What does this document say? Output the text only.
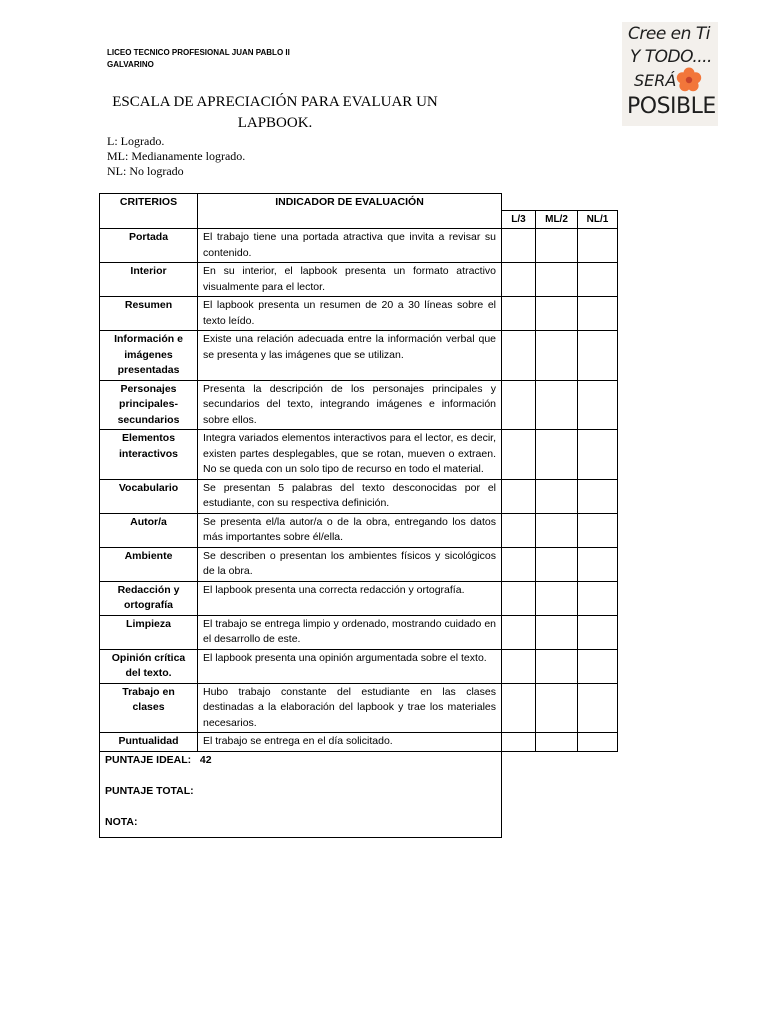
LICEO TECNICO PROFESIONAL JUAN PABLO II
GALVARINO
Cree en Ti
Y TODO....
SERÁ
POSIBLE
ESCALA DE APRECIACIÓN PARA EVALUAR UN
LAPBOOK.
L: Logrado.
ML: Medianamente logrado.
NL: No logrado
CRITERIOS	INDICADOR DE EVALUACIÓN			
		L/3	ML/2	NL/1
Portada	El trabajo tiene una portada atractiva que invita a revisar su contenido.			
Interior	En su interior, el lapbook presenta un formato atractivo visualmente para el lector.			
Resumen	El lapbook presenta un resumen de 20 a 30 líneas sobre el texto leído.			
Información e imágenes presentadas	Existe una relación adecuada entre la información verbal que se presenta y las imágenes que se utilizan.			
Personajes principales-secundarios	Presenta la descripción de los personajes principales y secundarios del texto, integrando imágenes e información sobre ellos.			
Elementos interactivos	Integra variados elementos interactivos para el lector, es decir, existen partes desplegables, que se rotan, mueven o extraen. No se queda con un solo tipo de recurso en todo el material.			
Vocabulario	Se presentan 5 palabras del texto desconocidas por el estudiante, con su respectiva definición.			
Autor/a	Se presenta el/la autor/a o de la obra, entregando los datos más importantes sobre él/ella.			
Ambiente	Se describen o presentan los ambientes físicos y sicológicos de la obra.			
Redacción y ortografía	El lapbook presenta una correcta redacción y ortografía.			
Limpieza	El trabajo se entrega limpio y ordenado, mostrando cuidado en el desarrollo de este.			
Opinión crítica del texto.	El lapbook presenta una opinión argumentada sobre el texto.			
Trabajo en clases	Hubo trabajo constante del estudiante en las clases destinadas a la elaboración del lapbook y trae los materiales necesarios.			
Puntualidad	El trabajo se entrega en el día solicitado.			

PUNTAJE IDEAL: 42
PUNTAJE TOTAL:
NOTA:				
